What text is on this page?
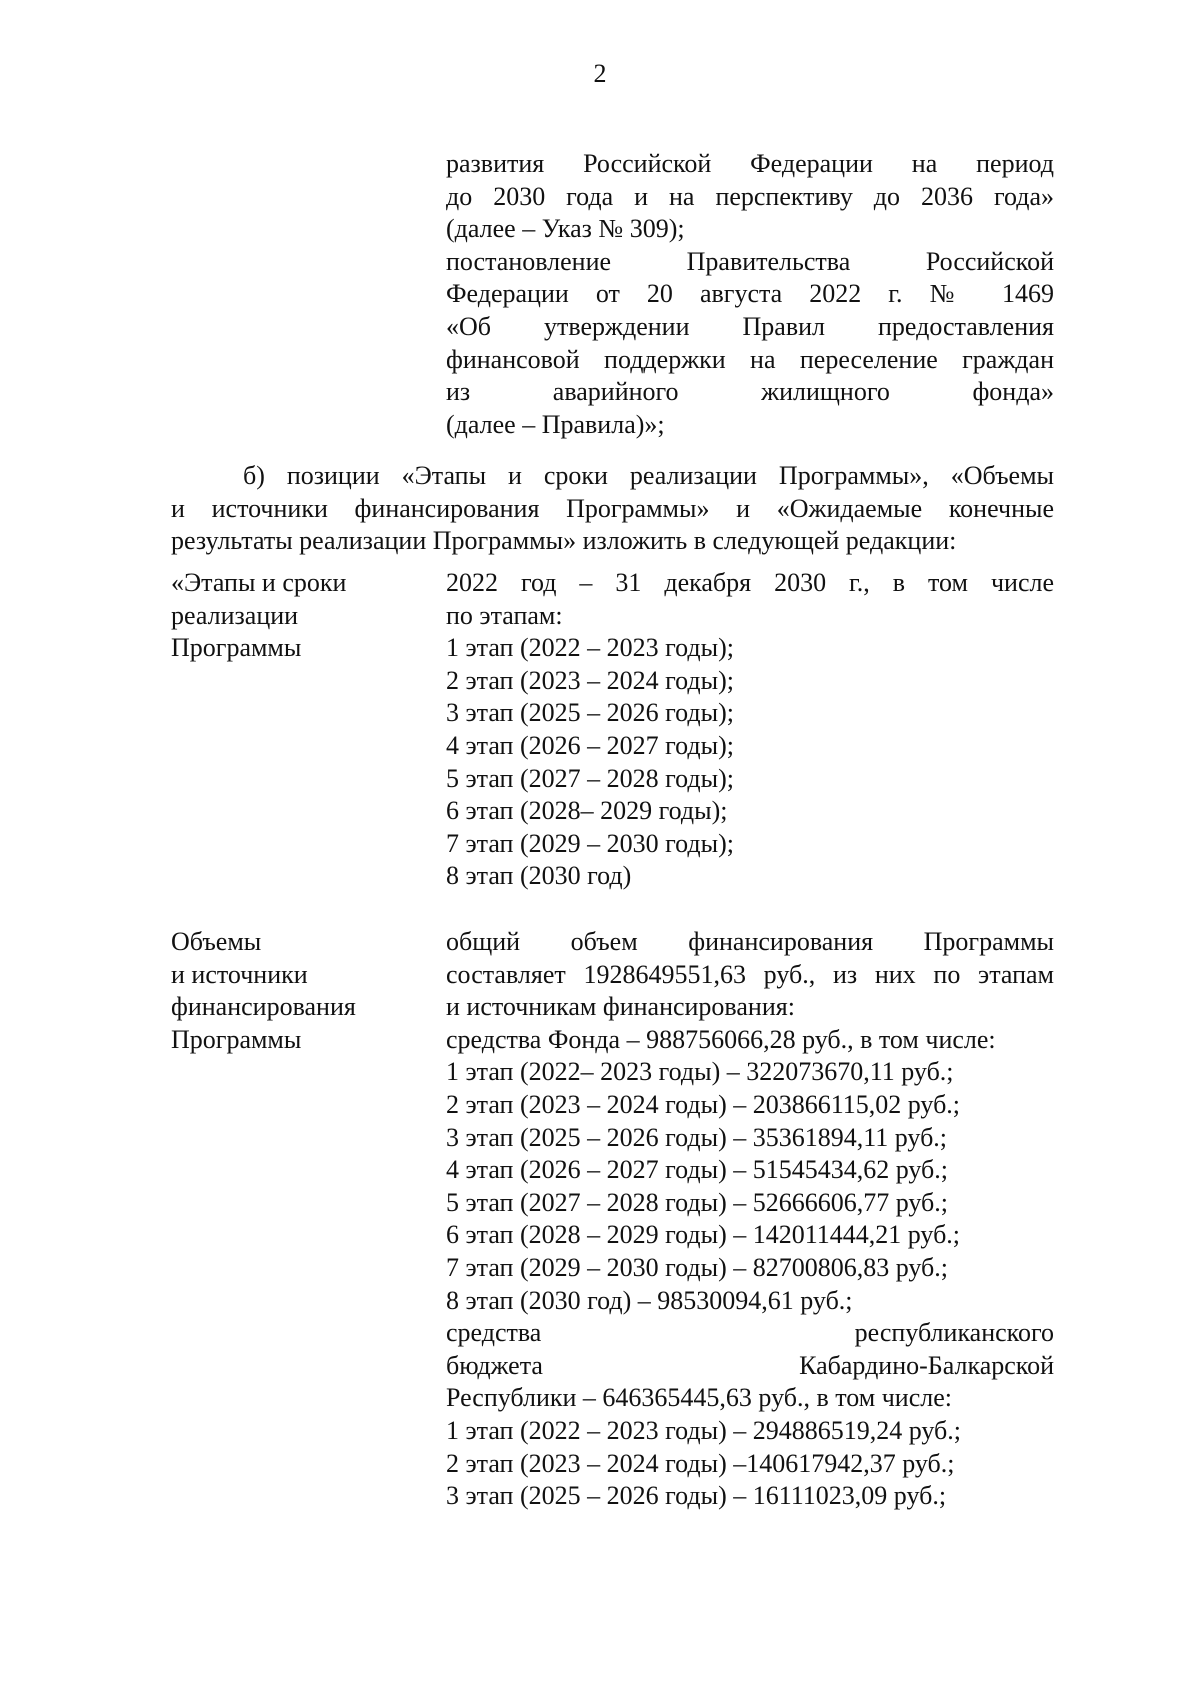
2
развития Российской Федерации на период
до 2030 года и на перспективу до 2036 года»
(далее – Указ № 309);
постановление Правительства Российской
Федерации от 20 августа 2022 г. № 1469
«Об утверждении Правил предоставления
финансовой поддержки на переселение граждан
из аварийного жилищного фонда»
(далее – Правила)»;
б) позиции «Этапы и сроки реализации Программы», «Объемы
и источники финансирования Программы» и «Ожидаемые конечные
результаты реализации Программы» изложить в следующей редакции:
«Этапы и сроки
реализации
Программы
2022 год – 31 декабря 2030 г., в том числе
по этапам:
1 этап (2022 – 2023 годы);
2 этап (2023 – 2024 годы);
3 этап (2025 – 2026 годы);
4 этап (2026 – 2027 годы);
5 этап (2027 – 2028 годы);
6 этап (2028– 2029 годы);
7 этап (2029 – 2030 годы);
8 этап (2030 год)
Объемы
и источники
финансирования
Программы
общий объем финансирования Программы
составляет 1928649551,63 руб., из них по этапам
и источникам финансирования:
средства Фонда – 988756066,28 руб., в том числе:
1 этап (2022– 2023 годы) – 322073670,11 руб.;
2 этап (2023 – 2024 годы) – 203866115,02 руб.;
3 этап (2025 – 2026 годы) – 35361894,11 руб.;
4 этап (2026 – 2027 годы) – 51545434,62 руб.;
5 этап (2027 – 2028 годы) – 52666606,77 руб.;
6 этап (2028 – 2029 годы) – 142011444,21 руб.;
7 этап (2029 – 2030 годы) – 82700806,83 руб.;
8 этап (2030 год) – 98530094,61 руб.;
средства республиканского
бюджета Кабардино-Балкарской
Республики – 646365445,63 руб., в том числе:
1 этап (2022 – 2023 годы) – 294886519,24 руб.;
2 этап (2023 – 2024 годы) –140617942,37 руб.;
3 этап (2025 – 2026 годы) – 16111023,09 руб.;
